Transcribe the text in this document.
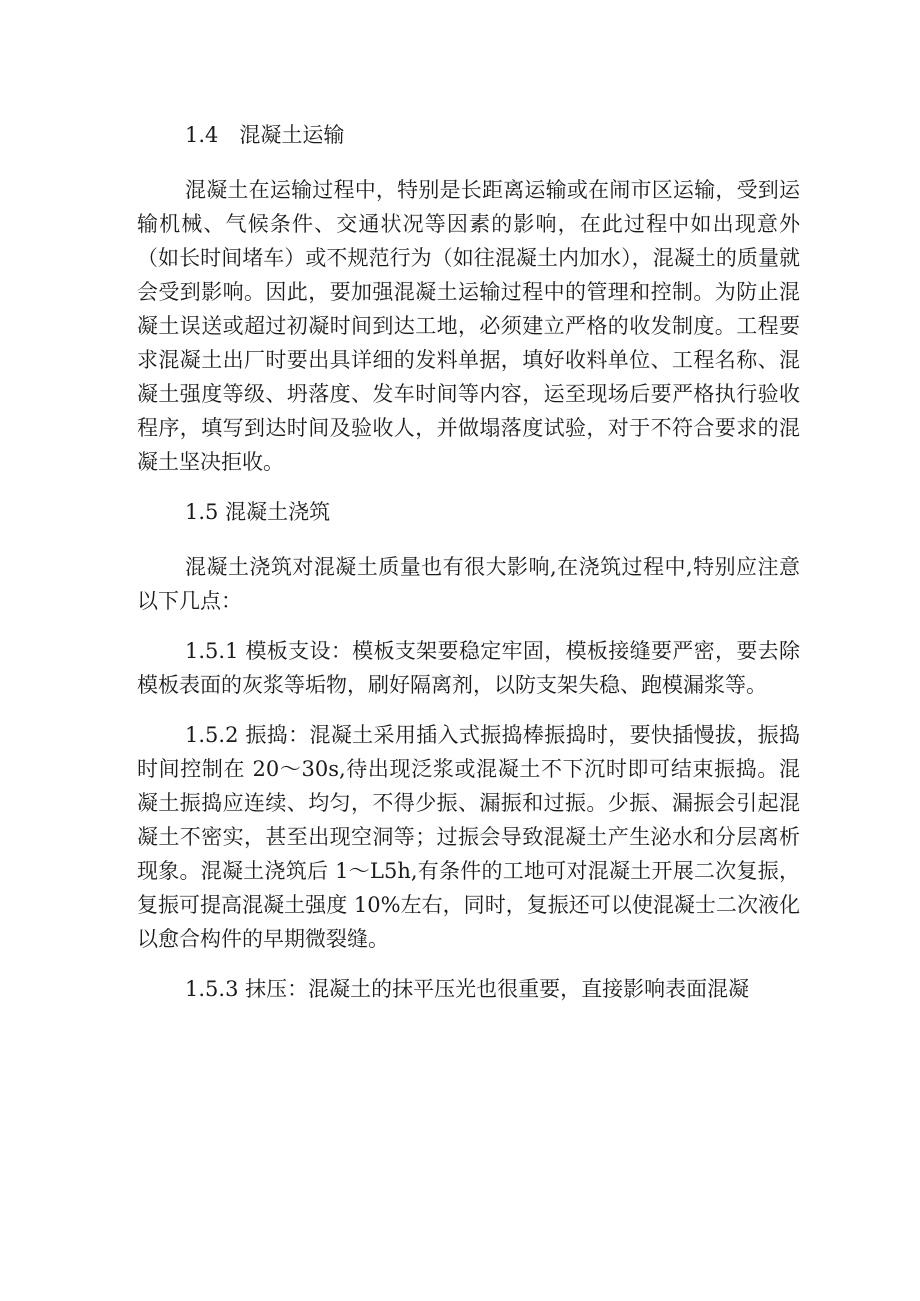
1.4　混凝土运输

混凝土在运输过程中，特别是长距离运输或在闹市区运输，受到运输机械、气候条件、交通状况等因素的影响，在此过程中如出现意外（如长时间堵车）或不规范行为（如往混凝土内加水），混凝土的质量就会受到影响。因此，要加强混凝土运输过程中的管理和控制。为防止混凝土误送或超过初凝时间到达工地，必须建立严格的收发制度。工程要求混凝土出厂时要出具详细的发料单据，填好收料单位、工程名称、混凝土强度等级、坍落度、发车时间等内容，运至现场后要严格执行验收程序，填写到达时间及验收人，并做塌落度试验，对于不符合要求的混凝土坚决拒收。

1.5 混凝土浇筑

混凝土浇筑对混凝土质量也有很大影响,在浇筑过程中,特别应注意以下几点：

1.5.1 模板支设：模板支架要稳定牢固，模板接缝要严密，要去除模板表面的灰浆等垢物，刷好隔离剂，以防支架失稳、跑模漏浆等。

1.5.2 振捣：混凝土采用插入式振捣棒振捣时，要快插慢拔，振捣时间控制在 20～30s,待出现泛浆或混凝土不下沉时即可结束振捣。混凝土振捣应连续、均匀，不得少振、漏振和过振。少振、漏振会引起混凝土不密实，甚至出现空洞等；过振会导致混凝土产生泌水和分层离析现象。混凝土浇筑后 1～L5h,有条件的工地可对混凝土开展二次复振，复振可提高混凝土强度 10%左右，同时，复振还可以使混凝士二次液化以愈合构件的早期微裂缝。

1.5.3 抹压：混凝土的抹平压光也很重要，直接影响表面混凝
